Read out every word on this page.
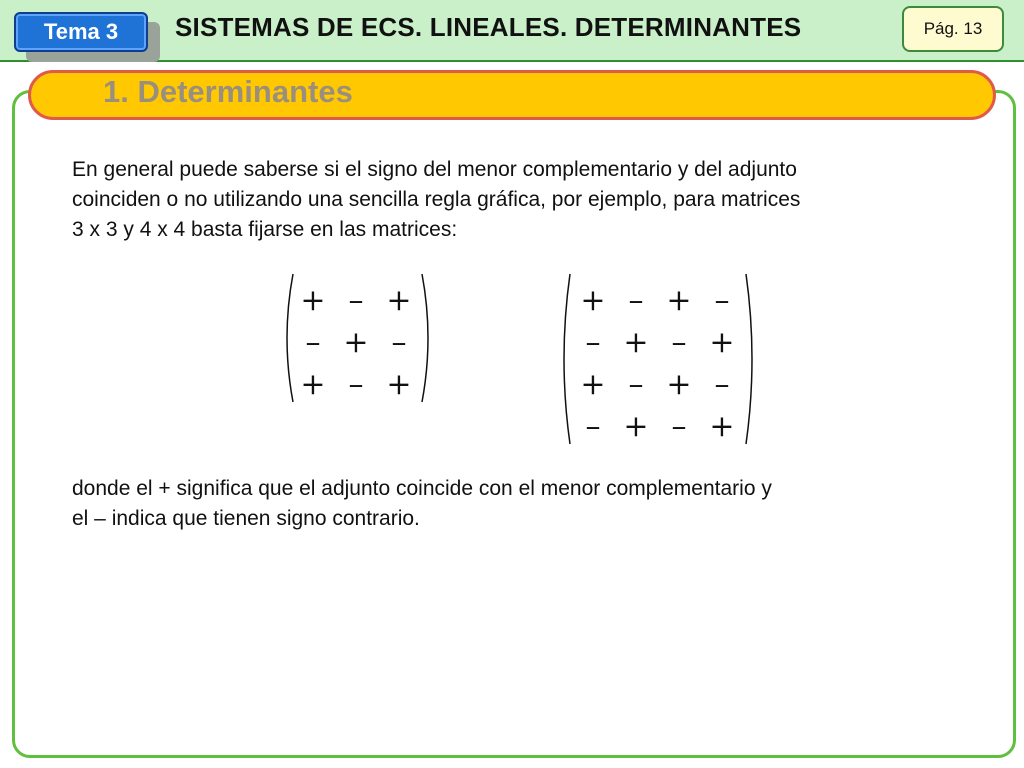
Tema 3	SISTEMAS DE ECS. LINEALES. DETERMINANTES	Pág. 13
1. Determinantes
En general puede saberse si el signo del menor complementario y del adjunto
coinciden o no utilizando una sencilla regla gráfica, por ejemplo, para matrices
3 x 3 y 4 x 4 basta fijarse en las matrices:
+ – +
– + –
+ – +
+ – + –
– + – +
+ – + –
– + – +
donde el + significa que el adjunto coincide con el menor complementario y
el – indica que tienen signo contrario.
